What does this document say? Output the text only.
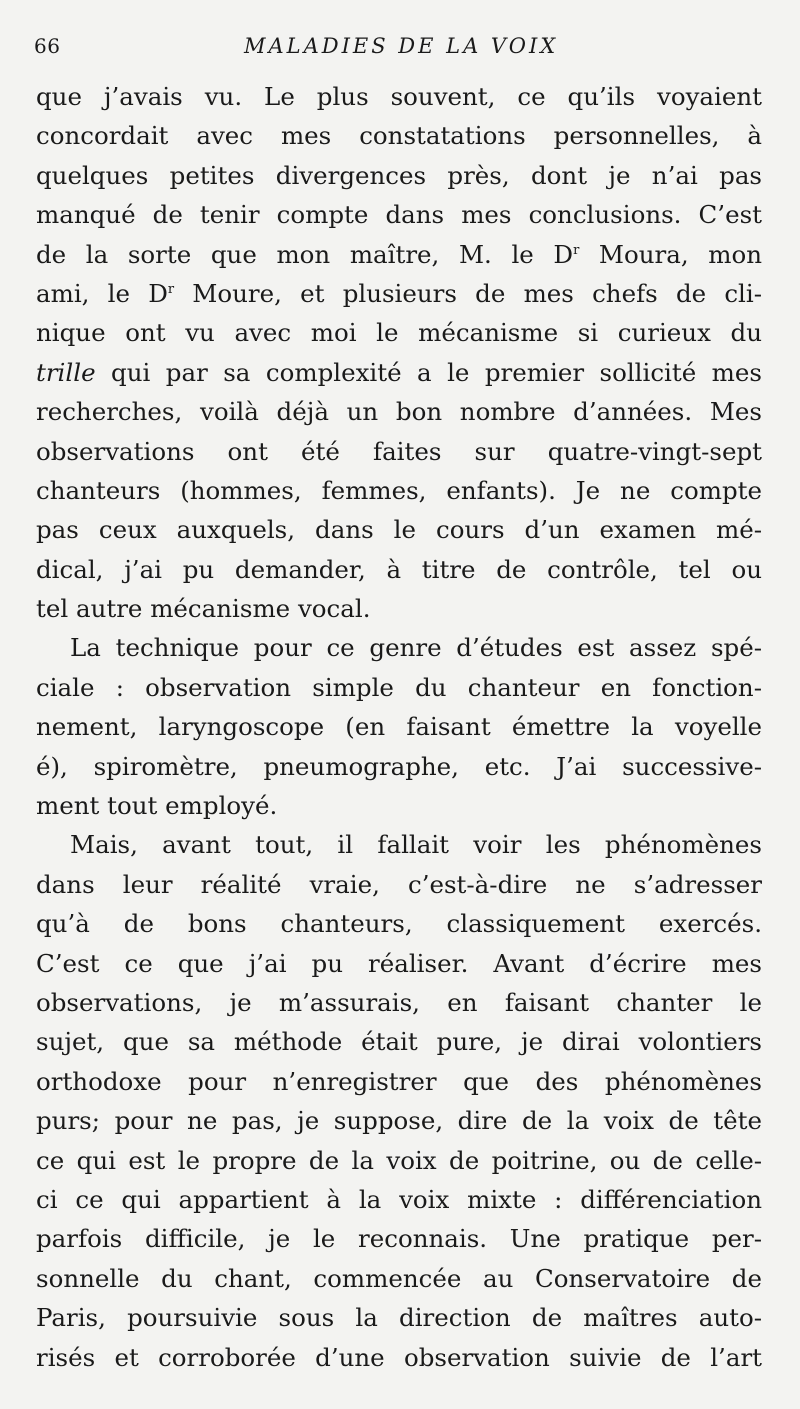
66	MALADIES DE LA VOIX
que j’avais vu. Le plus souvent, ce qu’ils voyaient
concordait avec mes constatations personnelles, à
quelques petites divergences près, dont je n’ai pas
manqué de tenir compte dans mes conclusions. C’est
de la sorte que mon maître, M. le $D^r$ Moura, mon
ami, le $D^r$ Moure, et plusieurs de mes chefs de cli-
nique ont vu avec moi le mécanisme si curieux du
trille qui par sa complexité a le premier sollicité mes
recherches, voilà déjà un bon nombre d’années. Mes
observations ont été faites sur quatre-vingt-sept
chanteurs (hommes, femmes, enfants). Je ne compte
pas ceux auxquels, dans le cours d’un examen mé-
dical, j’ai pu demander, à titre de contrôle, tel ou
tel autre mécanisme vocal.
La technique pour ce genre d’études est assez spé-
ciale : observation simple du chanteur en fonction-
nement, laryngoscope (en faisant émettre la voyelle
é), spiromètre, pneumographe, etc. J’ai successive-
ment tout employé.
Mais, avant tout, il fallait voir les phénomènes
dans leur réalité vraie, c’est-à-dire ne s’adresser
qu’à de bons chanteurs, classiquement exercés.
C’est ce que j’ai pu réaliser. Avant d’écrire mes
observations, je m’assurais, en faisant chanter le
sujet, que sa méthode était pure, je dirai volontiers
orthodoxe pour n’enregistrer que des phénomènes
purs; pour ne pas, je suppose, dire de la voix de tête
ce qui est le propre de la voix de poitrine, ou de celle-
ci ce qui appartient à la voix mixte : différenciation
parfois difficile, je le reconnais. Une pratique per-
sonnelle du chant, commencée au Conservatoire de
Paris, poursuivie sous la direction de maîtres auto-
risés et corroborée d’une observation suivie de l’art
